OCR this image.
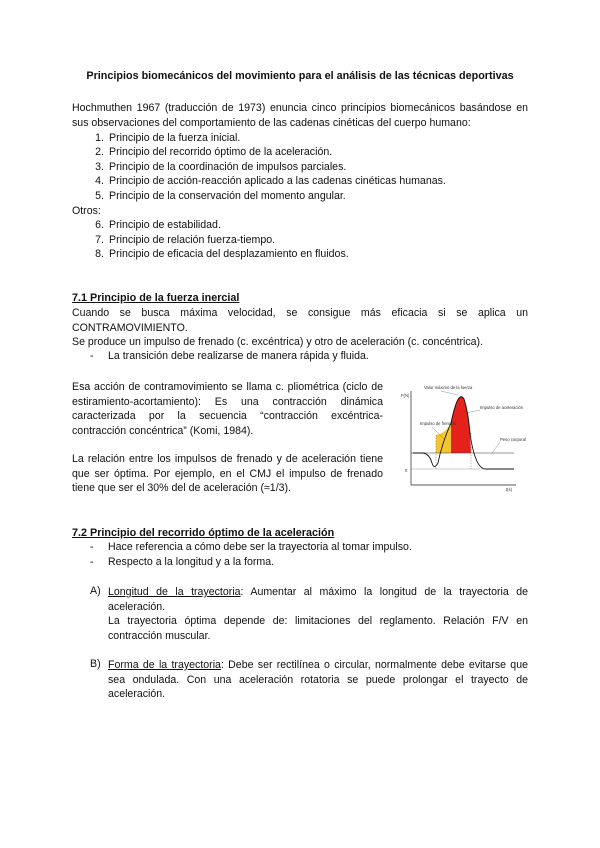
Principios biomecánicos del movimiento para el análisis de las técnicas deportivas
Hochmuthen 1967 (traducción de 1973) enuncia cinco principios biomecánicos basándose en sus observaciones del comportamiento de las cadenas cinéticas del cuerpo humano:
1. Principio de la fuerza inicial.
2. Principio del recorrido óptimo de la aceleración.
3. Principio de la coordinación de impulsos parciales.
4. Principio de acción-reacción aplicado a las cadenas cinéticas humanas.
5. Principio de la conservación del momento angular.
Otros:
6. Principio de estabilidad.
7. Principio de relación fuerza-tiempo.
8. Principio de eficacia del desplazamiento en fluidos.
7.1 Principio de la fuerza inercial
Cuando se busca máxima velocidad, se consigue más eficacia si se aplica un CONTRAMOVIMIENTO.
Se produce un impulso de frenado (c. excéntrica) y otro de aceleración (c. concéntrica).
-	La transición debe realizarse de manera rápida y fluida.
Esa acción de contramovimiento se llama c. pliométrica (ciclo de estiramiento-acortamiento): Es una contracción dinámica caracterizada por la secuencia “contracción excéntrica-contracción concéntrica” (Komi, 1984).
La relación entre los impulsos de frenado y de aceleración tiene que ser óptima. Por ejemplo, en el CMJ el impulso de frenado tiene que ser el 30% del de aceleración (≈1/3).
F(N)
t(s)
0
Valor máximo de la fuerza
Impulso de frenado
Impulso de aceleración
Peso corporal
7.2 Principio del recorrido óptimo de la aceleración
-	Hace referencia a cómo debe ser la trayectoria al tomar impulso.
-	Respecto a la longitud y a la forma.
A) Longitud de la trayectoria: Aumentar al máximo la longitud de la trayectoria de aceleración.
La trayectoria óptima depende de: limitaciones del reglamento. Relación F/V en contracción muscular.
B) Forma de la trayectoria: Debe ser rectilínea o circular, normalmente debe evitarse que sea ondulada. Con una aceleración rotatoria se puede prolongar el trayecto de aceleración.
